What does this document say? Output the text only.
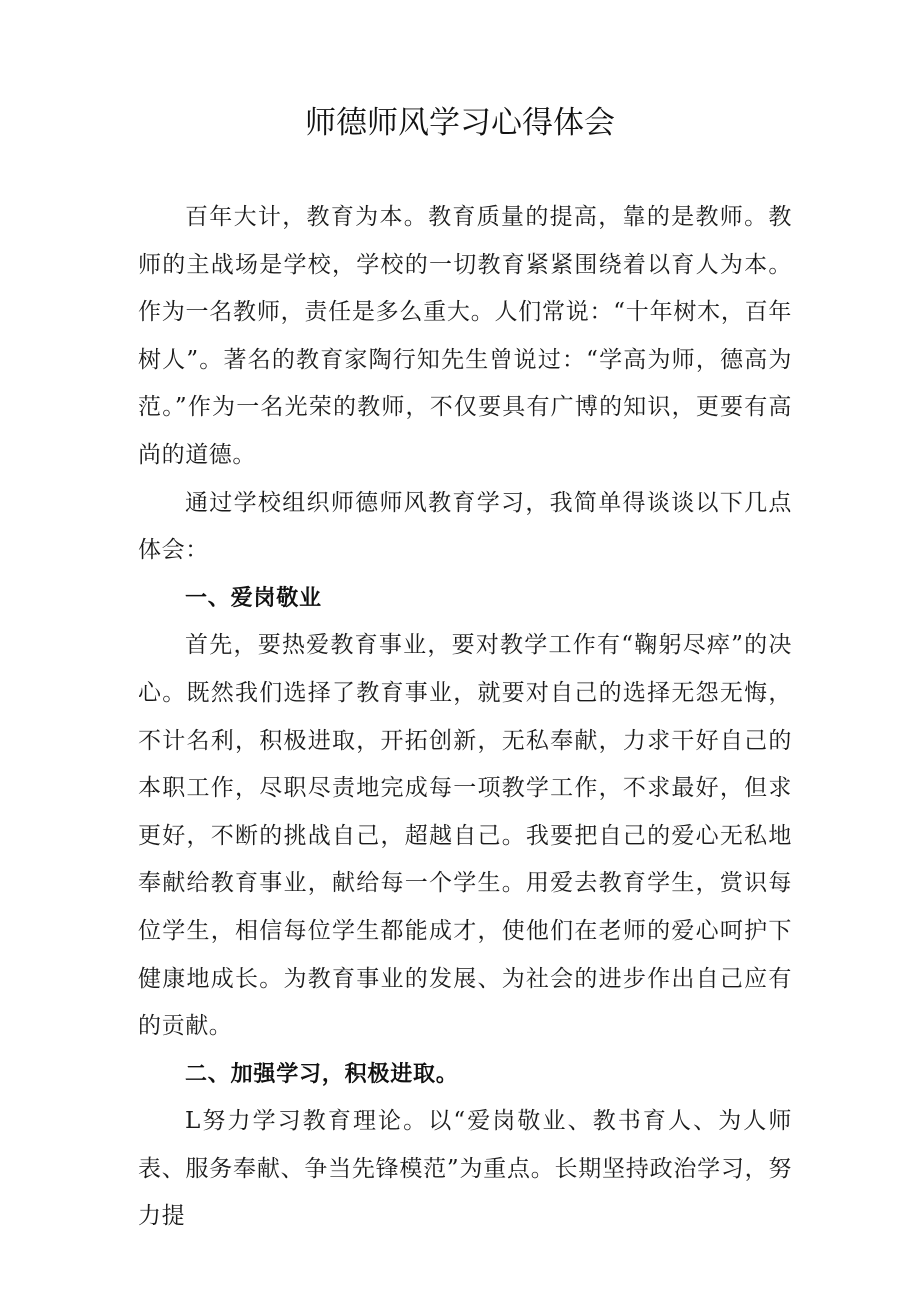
师德师风学习心得体会

百年大计，教育为本。教育质量的提高，靠的是教师。教师的主战场是学校，学校的一切教育紧紧围绕着以育人为本。作为一名教师，责任是多么重大。人们常说：“十年树木，百年树人”。著名的教育家陶行知先生曾说过：“学高为师，德高为范。”作为一名光荣的教师，不仅要具有广博的知识，更要有高尚的道德。

通过学校组织师德师风教育学习，我简单得谈谈以下几点体会：

一、爱岗敬业

首先，要热爱教育事业，要对教学工作有“鞠躬尽瘁”的决心。既然我们选择了教育事业，就要对自己的选择无怨无悔，不计名利，积极进取，开拓创新，无私奉献，力求干好自己的本职工作，尽职尽责地完成每一项教学工作，不求最好，但求更好，不断的挑战自己，超越自己。我要把自己的爱心无私地奉献给教育事业，献给每一个学生。用爱去教育学生，赏识每位学生，相信每位学生都能成才，使他们在老师的爱心呵护下健康地成长。为教育事业的发展、为社会的进步作出自己应有的贡献。

二、加强学习，积极进取。

L努力学习教育理论。以“爱岗敬业、教书育人、为人师表、服务奉献、争当先锋模范”为重点。长期坚持政治学习，努力提
